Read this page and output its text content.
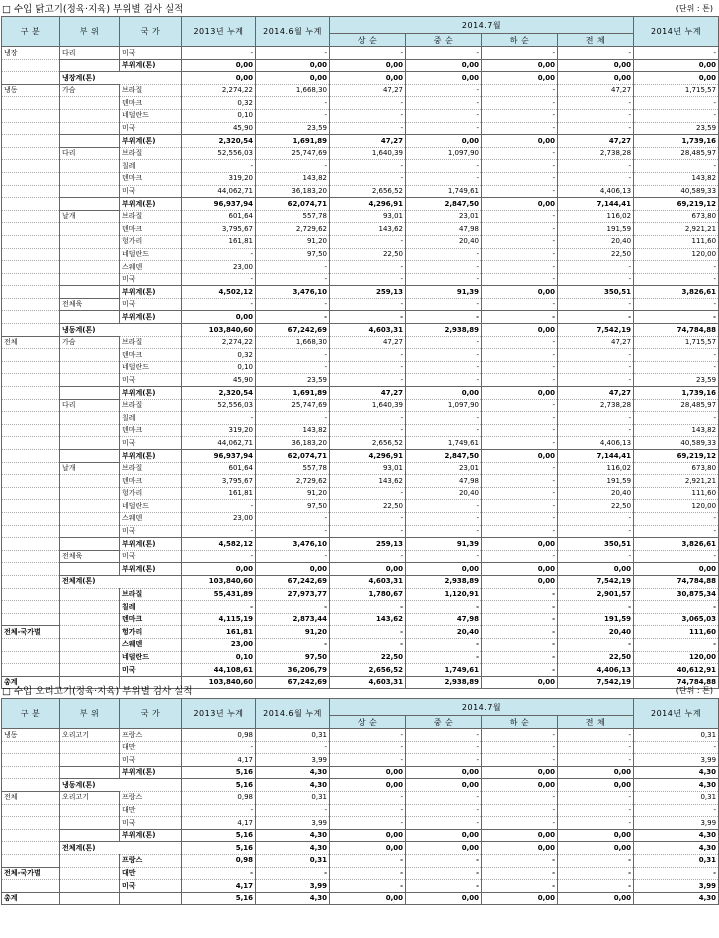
□ 수입 닭고기(정육·지육) 부위별 검사 실적	(단위 : 톤)
구 분	부 위	국 가	2013년 누계	2014.6월 누계	2014.7월				2014년 누계
					상 순	중 순	하 순	전 체	
냉장	다리	미국	-	-	-	-	-	-	-
		부위계(톤)	0,00	0,00	0,00	0,00	0,00	0,00	0,00
	냉장계(톤)		0,00	0,00	0,00	0,00	0,00	0,00	0,00
냉동	가슴	브라질	2,274,22	1,668,30	47,27	-	-	47,27	1,715,57
		덴마크	0,32	-	-	-	-	-	-
		네덜란드	0,10	-	-	-	-	-	-
		미국	45,90	23,59	-	-	-	-	23,59
		부위계(톤)	2,320,54	1,691,89	47,27	0,00	0,00	47,27	1,739,16
	다리	브라질	52,556,03	25,747,69	1,640,39	1,097,90	-	2,738,28	28,485,97
		칠레	-	-	-	-	-	-	-
		덴마크	319,20	143,82	-	-	-	-	143,82
		미국	44,062,71	36,183,20	2,656,52	1,749,61	-	4,406,13	40,589,33
		부위계(톤)	96,937,94	62,074,71	4,296,91	2,847,50	0,00	7,144,41	69,219,12
	날개	브라질	601,64	557,78	93,01	23,01	-	116,02	673,80
		덴마크	3,795,67	2,729,62	143,62	47,98	-	191,59	2,921,21
		헝가리	161,81	91,20	-	20,40	-	20,40	111,60
		네덜란드	-	97,50	22,50	-	-	22,50	120,00
		스웨덴	23,00	-	-	-	-	-	-
		미국	-	-	-	-	-	-	-
		부위계(톤)	4,502,12	3,476,10	259,13	91,39	0,00	350,51	3,826,61
	전체육	미국	-	-	-	-	-	-	-
		부위계(톤)	0,00	-	-	-	-	-	-
	냉동계(톤)		103,840,60	67,242,69	4,603,31	2,938,89	0,00	7,542,19	74,784,88
전체	가슴	브라질	2,274,22	1,668,30	47,27	-	-	47,27	1,715,57
		덴마크	0,32	-	-	-	-	-	-
		네덜란드	0,10	-	-	-	-	-	-
		미국	45,90	23,59	-	-	-	-	23,59
		부위계(톤)	2,320,54	1,691,89	47,27	0,00	0,00	47,27	1,739,16
	다리	브라질	52,556,03	25,747,69	1,640,39	1,097,90	-	2,738,28	28,485,97
		칠레	-	-	-	-	-	-	-
		덴마크	319,20	143,82	-	-	-	-	143,82
		미국	44,062,71	36,183,20	2,656,52	1,749,61	-	4,406,13	40,589,33
		부위계(톤)	96,937,94	62,074,71	4,296,91	2,847,50	0,00	7,144,41	69,219,12
	날개	브라질	601,64	557,78	93,01	23,01	-	116,02	673,80
		덴마크	3,795,67	2,729,62	143,62	47,98	-	191,59	2,921,21
		헝가리	161,81	91,20	-	20,40	-	20,40	111,60
		네덜란드	-	97,50	22,50	-	-	22,50	120,00
		스웨덴	23,00	-	-	-	-	-	-
		미국	-	-	-	-	-	-	-
		부위계(톤)	4,582,12	3,476,10	259,13	91,39	0,00	350,51	3,826,61
	전체육	미국	-	-	-	-	-	-	-
		부위계(톤)	0,00	0,00	0,00	0,00	0,00	0,00	0,00
	전체계(톤)		103,840,60	67,242,69	4,603,31	2,938,89	0,00	7,542,19	74,784,88
		브라질	55,431,89	27,973,77	1,780,67	1,120,91	-	2,901,57	30,875,34
		칠레	-	-	-	-	-	-	-
		덴마크	4,115,19	2,873,44	143,62	47,98	-	191,59	3,065,03
전체-국가별		헝가리	161,81	91,20	-	20,40	-	20,40	111,60
		스웨덴	23,00	-	-	-	-	-	-
		네덜란드	0,10	97,50	22,50	-	-	22,50	120,00
		미국	44,108,61	36,206,79	2,656,52	1,749,61	-	4,406,13	40,612,91
총계			103,840,60	67,242,69	4,603,31	2,938,89	0,00	7,542,19	74,784,88
□ 수입 오리고기(정육·지육) 부위별 검사 실적	(단위 : 톤)
구 분	부 위	국 가	2013년 누계	2014.6월 누계	2014.7월				2014년 누계
					상 순	중 순	하 순	전 체	
냉동	오리고기	프랑스	0,98	0,31	-	-	-	-	0,31
		대만	-	-	-	-	-	-	-
		미국	4,17	3,99	-	-	-	-	3,99
		부위계(톤)	5,16	4,30	0,00	0,00	0,00	0,00	4,30
	냉동계(톤)		5,16	4,30	0,00	0,00	0,00	0,00	4,30
전체	오리고기	프랑스	0,98	0,31	-	-	-	-	0,31
		대만	-	-	-	-	-	-	-
		미국	4,17	3,99	-	-	-	-	3,99
		부위계(톤)	5,16	4,30	0,00	0,00	0,00	0,00	4,30
	전체계(톤)		5,16	4,30	0,00	0,00	0,00	0,00	4,30
		프랑스	0,98	0,31	-	-	-	-	0,31
전체-국가별		대만	-	-	-	-	-	-	-
		미국	4,17	3,99	-	-	-	-	3,99
총계			5,16	4,30	0,00	0,00	0,00	0,00	4,30
